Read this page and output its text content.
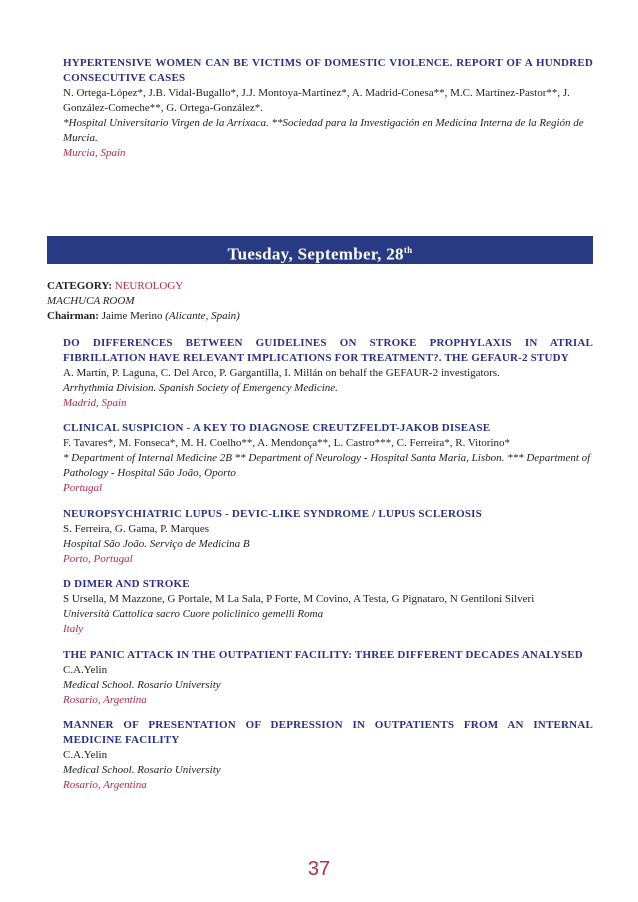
HYPERTENSIVE WOMEN CAN BE VICTIMS OF DOMESTIC VIOLENCE. REPORT OF A HUNDRED CONSECUTIVE CASES
N. Ortega-López*, J.B. Vidal-Bugallo*, J.J. Montoya-Martínez*, A. Madrid-Conesa**, M.C. Martínez-Pastor**, J. González-Comeche**, G. Ortega-González*.
*Hospital Universitario Virgen de la Arrixaca. **Sociedad para la Investigación en Medicina Interna de la Región de Murcia.
Murcia, Spain
Tuesday, September, 28th
CATEGORY: NEUROLOGY
MACHUCA ROOM
Chairman: Jaime Merino (Alicante, Spain)
DO DIFFERENCES BETWEEN GUIDELINES ON STROKE PROPHYLAXIS IN ATRIAL FIBRILLATION HAVE RELEVANT IMPLICATIONS FOR TREATMENT?. THE GEFAUR-2 STUDY
A. Martín, P. Laguna, C. Del Arco, P. Gargantilla, I. Millán on behalf the GEFAUR-2 investigators.
Arrhythmia Division. Spanish Society of Emergency Medicine.
Madrid, Spain
CLINICAL SUSPICION - A KEY TO DIAGNOSE CREUTZFELDT-JAKOB DISEASE
F. Tavares*, M. Fonseca*, M. H. Coelho**, A. Mendonça**, L. Castro***, C. Ferreira*, R. Vitorino*
* Department of Internal Medicine 2B ** Department of Neurology - Hospital Santa Maria, Lisbon. *** Department of Pathology - Hospital São João, Oporto
Portugal
NEUROPSYCHIATRIC LUPUS - DEVIC-LIKE SYNDROME / LUPUS SCLEROSIS
S. Ferreira, G. Gama, P. Marques
Hospital São João. Serviço de Medicina B
Porto, Portugal
D DIMER AND STROKE
S Ursella, M Mazzone, G Portale, M La Sala, P Forte, M Covino, A Testa, G Pignataro, N Gentiloni Silveri
Università Cattolica sacro Cuore policlinico gemelli Roma
Italy
THE PANIC ATTACK IN THE OUTPATIENT FACILITY: THREE DIFFERENT DECADES ANALYSED
C.A.Yelin
Medical School. Rosario University
Rosario, Argentina
MANNER OF PRESENTATION OF DEPRESSION IN OUTPATIENTS FROM AN INTERNAL MEDICINE FACILITY
C.A.Yelin
Medical School. Rosario University
Rosario, Argentina
37
